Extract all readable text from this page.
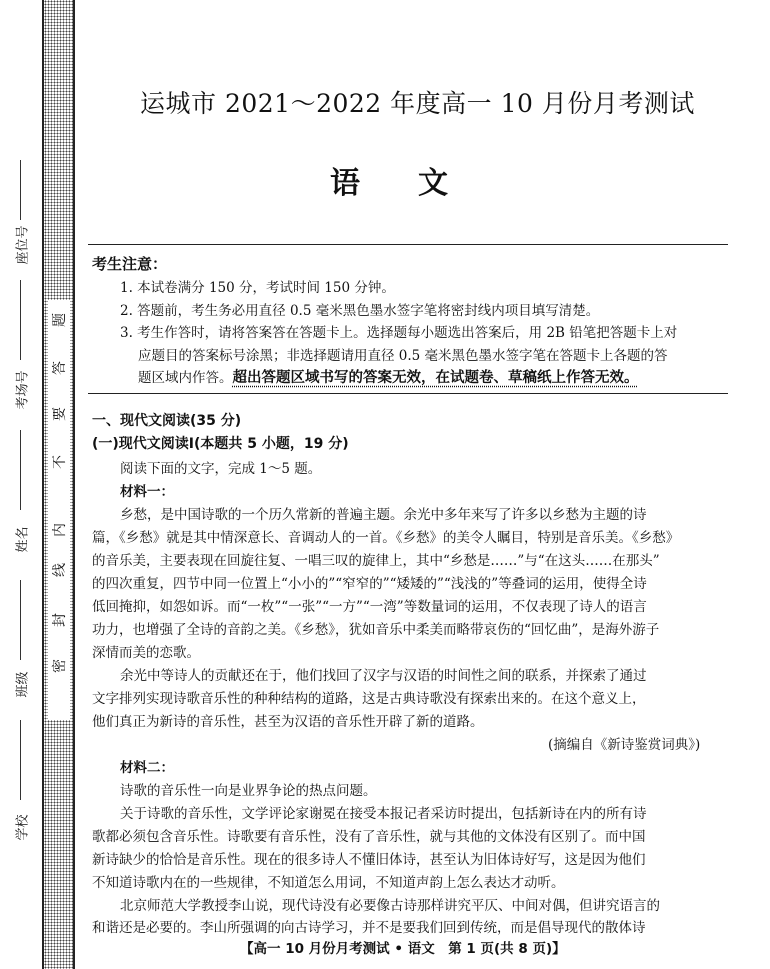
题
答
要
不
内
线
封
密
座位号
考场号
姓名
班级
学校
运城市 2021～2022 年度高一 10 月份月考测试
语文
考生注意：
1. 本试卷满分 150 分，考试时间 150 分钟。
2. 答题前，考生务必用直径 0.5 毫米黑色墨水签字笔将密封线内项目填写清楚。
3. 考生作答时，请将答案答在答题卡上。选择题每小题选出答案后，用 2B 铅笔把答题卡上对
应题目的答案标号涂黑；非选择题请用直径 0.5 毫米黑色墨水签字笔在答题卡上各题的答
题区域内作答。超出答题区域书写的答案无效，在试题卷、草稿纸上作答无效。
一、现代文阅读(35 分)
(一)现代文阅读Ⅰ(本题共 5 小题，19 分)
阅读下面的文字，完成 1～5 题。
材料一：
乡愁，是中国诗歌的一个历久常新的普遍主题。余光中多年来写了许多以乡愁为主题的诗
篇，《乡愁》就是其中情深意长、音调动人的一首。《乡愁》的美令人瞩目，特别是音乐美。《乡愁》
的音乐美，主要表现在回旋往复、一唱三叹的旋律上，其中“乡愁是……”与“在这头……在那头”
的四次重复，四节中同一位置上“小小的”“窄窄的”“矮矮的”“浅浅的”等叠词的运用，使得全诗
低回掩抑，如怨如诉。而“一枚”“一张”“一方”“一湾”等数量词的运用，不仅表现了诗人的语言
功力，也增强了全诗的音韵之美。《乡愁》，犹如音乐中柔美而略带哀伤的“回忆曲”，是海外游子
深情而美的恋歌。
余光中等诗人的贡献还在于，他们找回了汉字与汉语的时间性之间的联系，并探索了通过
文字排列实现诗歌音乐性的种种结构的道路，这是古典诗歌没有探索出来的。在这个意义上，
他们真正为新诗的音乐性，甚至为汉语的音乐性开辟了新的道路。
(摘编自《新诗鉴赏词典》)
材料二：
诗歌的音乐性一向是业界争论的热点问题。
关于诗歌的音乐性，文学评论家谢冕在接受本报记者采访时提出，包括新诗在内的所有诗
歌都必须包含音乐性。诗歌要有音乐性，没有了音乐性，就与其他的文体没有区别了。而中国
新诗缺少的恰恰是音乐性。现在的很多诗人不懂旧体诗，甚至认为旧体诗好写，这是因为他们
不知道诗歌内在的一些规律，不知道怎么用词，不知道声韵上怎么表达才动听。
北京师范大学教授李山说，现代诗没有必要像古诗那样讲究平仄、中间对偶，但讲究语言的
和谐还是必要的。李山所强调的向古诗学习，并不是要我们回到传统，而是倡导现代的散体诗
【高一 10 月份月考测试 • 语文　第 1 页(共 8 页)】
